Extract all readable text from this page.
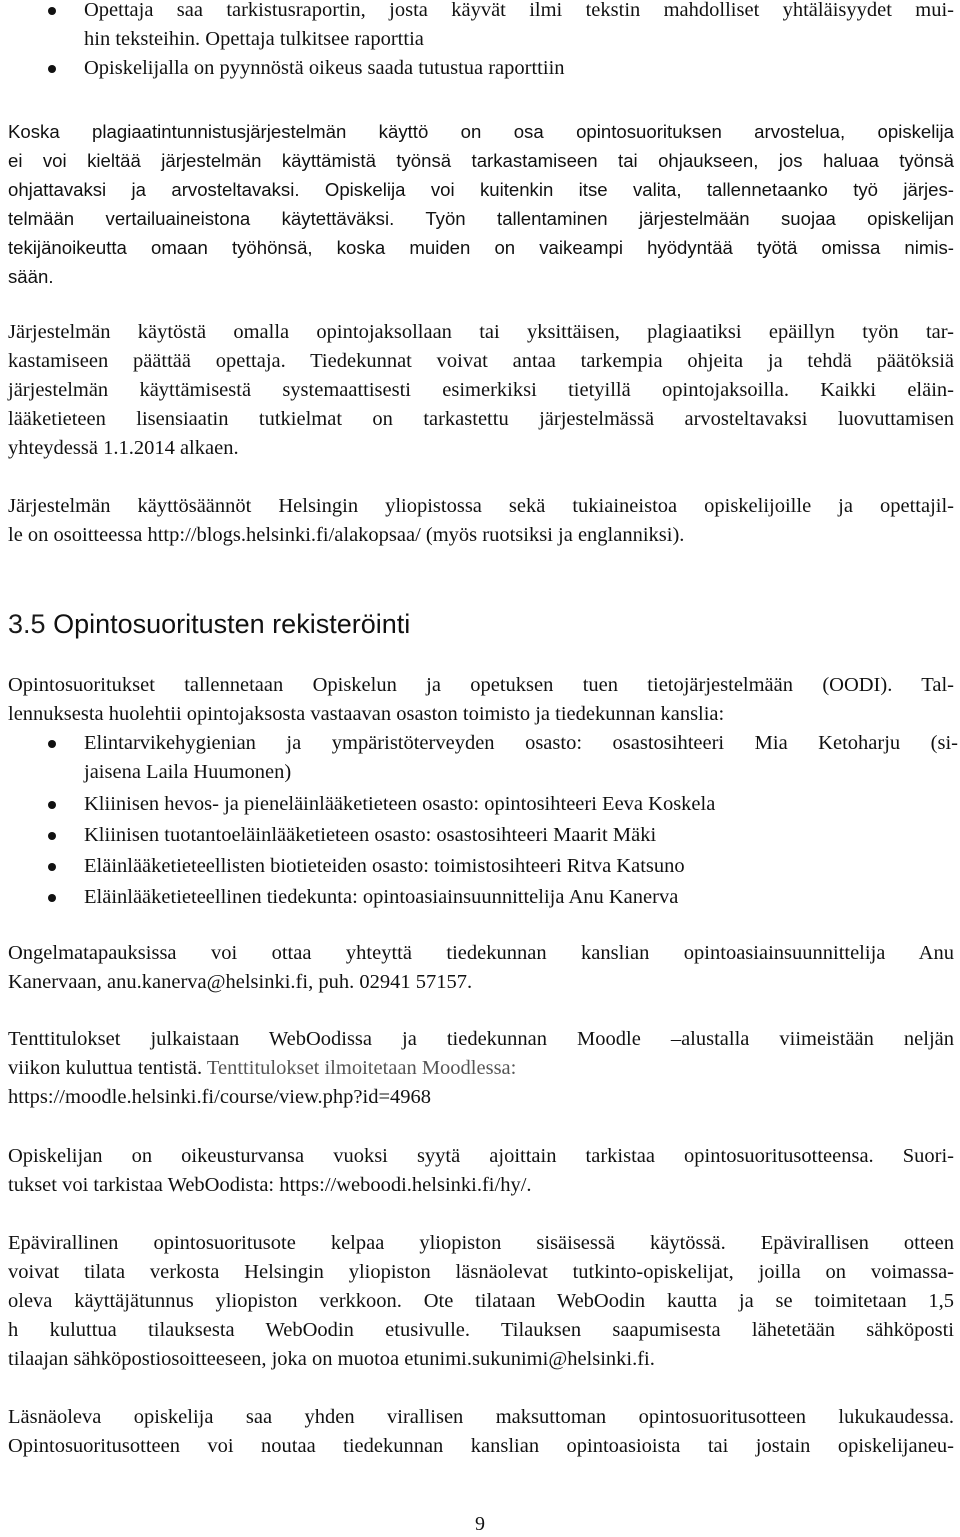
Opettaja saa tarkistusraportin, josta käyvät ilmi tekstin mahdolliset yhtäläisyydet mui-
hin teksteihin. Opettaja tulkitsee raporttia
Opiskelijalla on pyynnöstä oikeus saada tutustua raporttiin
Koska plagiaatintunnistusjärjestelmän käyttö on osa opintosuorituksen arvostelua, opiskelija
ei voi kieltää järjestelmän käyttämistä työnsä tarkastamiseen tai ohjaukseen, jos haluaa työnsä
ohjattavaksi ja arvosteltavaksi. Opiskelija voi kuitenkin itse valita, tallennetaanko työ järjes-
telmään vertailuaineistona käytettäväksi. Työn tallentaminen järjestelmään suojaa opiskelijan
tekijänoikeutta omaan työhönsä, koska muiden on vaikeampi hyödyntää työtä omissa nimis-
sään.
Järjestelmän käytöstä omalla opintojaksollaan tai yksittäisen, plagiaatiksi epäillyn työn tar-
kastamiseen päättää opettaja. Tiedekunnat voivat antaa tarkempia ohjeita ja tehdä päätöksiä
järjestelmän käyttämisestä systemaattisesti esimerkiksi tietyillä opintojaksoilla. Kaikki eläin-
lääketieteen lisensiaatin tutkielmat on tarkastettu järjestelmässä arvosteltavaksi luovuttamisen
yhteydessä 1.1.2014 alkaen.
Järjestelmän käyttösäännöt Helsingin yliopistossa sekä tukiaineistoa opiskelijoille ja opettajil-
le on osoitteessa http://blogs.helsinki.fi/alakopsaa/ (myös ruotsiksi ja englanniksi).
3.5 Opintosuoritusten rekisteröinti
Opintosuoritukset tallennetaan Opiskelun ja opetuksen tuen tietojärjestelmään (OODI). Tal-
lennuksesta huolehtii opintojaksosta vastaavan osaston toimisto ja tiedekunnan kanslia:
Elintarvikehygienian ja ympäristöterveyden osasto: osastosihteeri Mia Ketoharju (si-
jaisena Laila Huumonen)
Kliinisen hevos- ja pieneläinlääketieteen osasto: opintosihteeri Eeva Koskela
Kliinisen tuotantoeläinlääketieteen osasto: osastosihteeri Maarit Mäki
Eläinlääketieteellisten biotieteiden osasto: toimistosihteeri Ritva Katsuno
Eläinlääketieteellinen tiedekunta: opintoasiainsuunnittelija Anu Kanerva
Ongelmatapauksissa voi ottaa yhteyttä tiedekunnan kanslian opintoasiainsuunnittelija Anu
Kanervaan, anu.kanerva@helsinki.fi, puh. 02941 57157.
Tenttitulokset julkaistaan WebOodissa ja tiedekunnan Moodle –alustalla viimeistään neljän
viikon kuluttua tentistä. Tenttitulokset ilmoitetaan Moodlessa:
https://moodle.helsinki.fi/course/view.php?id=4968
Opiskelijan on oikeusturvansa vuoksi syytä ajoittain tarkistaa opintosuoritusotteensa. Suori-
tukset voi tarkistaa WebOodista: https://weboodi.helsinki.fi/hy/.
Epävirallinen opintosuoritusote kelpaa yliopiston sisäisessä käytössä. Epävirallisen otteen
voivat tilata verkosta Helsingin yliopiston läsnäolevat tutkinto-opiskelijat, joilla on voimassa-
oleva käyttäjätunnus yliopiston verkkoon. Ote tilataan WebOodin kautta ja se toimitetaan 1,5
h kuluttua tilauksesta WebOodin etusivulle. Tilauksen saapumisesta lähetetään sähköposti
tilaajan sähköpostiosoitteeseen, joka on muotoa etunimi.sukunimi@helsinki.fi.
Läsnäoleva opiskelija saa yhden virallisen maksuttoman opintosuoritusotteen lukukaudessa.
Opintosuoritusotteen voi noutaa tiedekunnan kanslian opintoasioista tai jostain opiskelijaneu-
9
